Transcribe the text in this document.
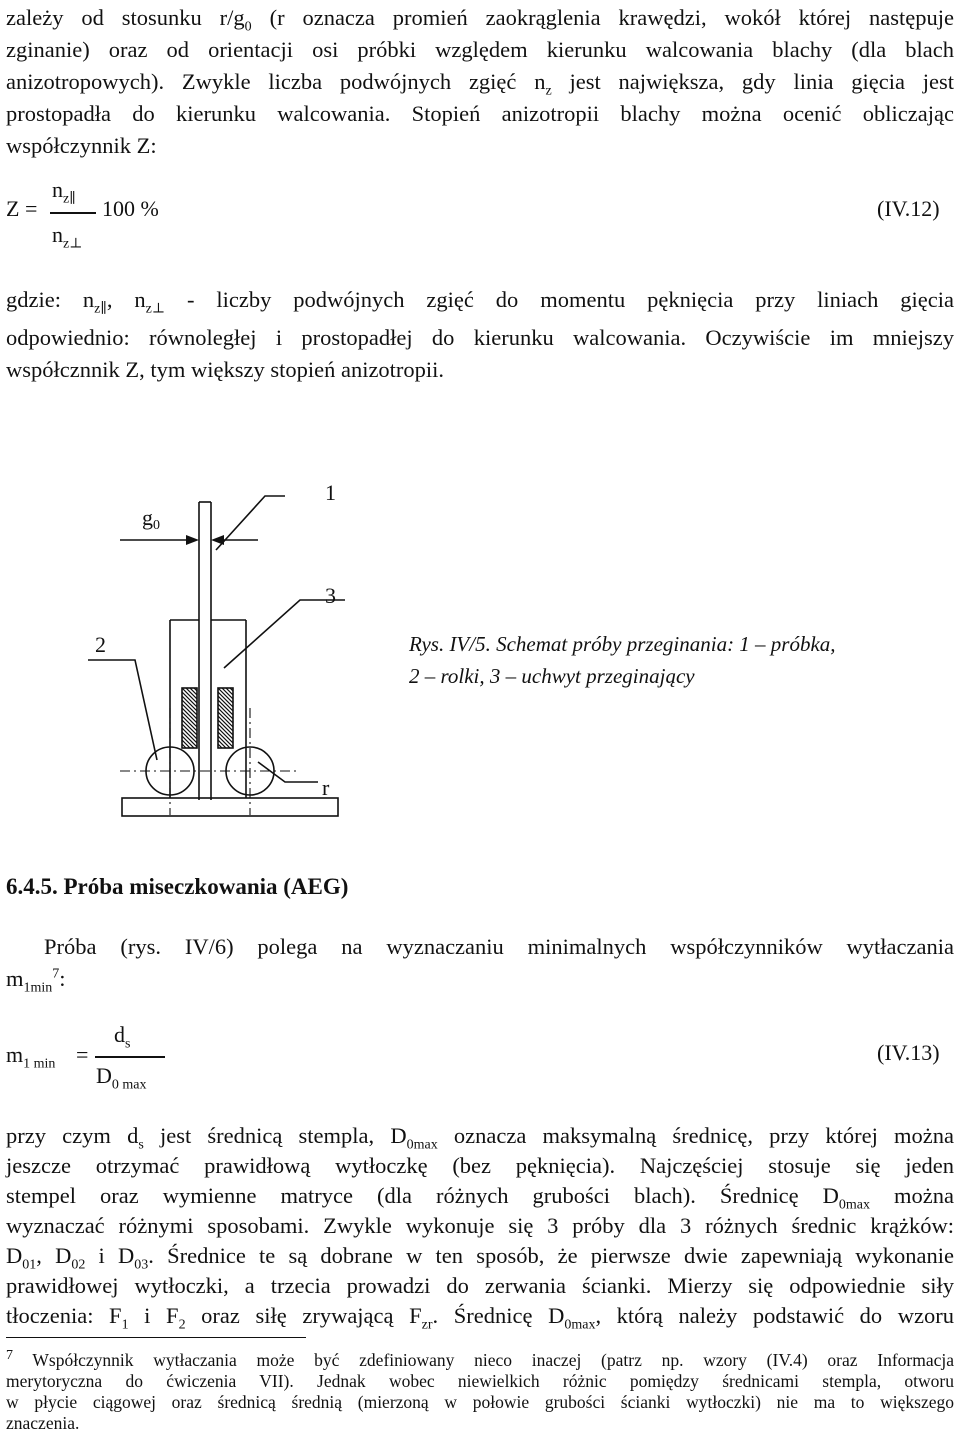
zależy od stosunku $r/g_0$ (r oznacza promień zaokrąglenia krawędzi, wokół której następuje
zginanie) oraz od orientacji osi próbki względem kierunku walcowania blachy (dla blach
anizotropowych). Zwykle liczba podwójnych zgięć $n_z$ jest największa, gdy linia gięcia jest
prostopadła do kierunku walcowania. Stopień anizotropii blachy można ocenić obliczając
współczynnik Z:
Z =
$n_{z\parallel}$
$n_{z\perp}$
100 %	(IV.12)
gdzie: $n_{z\parallel}$, $n_{z\perp}$ - liczby podwójnych zgięć do momentu pęknięcia przy liniach gięcia
odpowiednio: równoległej i prostopadłej do kierunku walcowania. Oczywiście im mniejszy
współcznnik Z, tym większy stopień anizotropii.
g0
1
3
2
r
Rys. IV/5. Schemat próby przeginania: 1 – próbka,
2 – rolki, 3 – uchwyt przeginający
6.4.5. Próba miseczkowania (AEG)
Próba (rys. IV/6) polega na wyznaczaniu minimalnych współczynników wytłaczania
$m_{1min}^7$:
$m_{1 min}$ =
$d_s$
$D_{0 max}$
(IV.13)
przy czym $d_s$ jest średnicą stempla, $D_{0max}$ oznacza maksymalną średnicę, przy której można
jeszcze otrzymać prawidłową wytłoczkę (bez pęknięcia). Najczęściej stosuje się jeden
stempel oraz wymienne matryce (dla różnych grubości blach). Średnicę $D_{0max}$ można
wyznaczać różnymi sposobami. Zwykle wykonuje się 3 próby dla 3 różnych średnic krążków:
$D_{01}$, $D_{02}$ i $D_{03}$. Średnice te są dobrane w ten sposób, że pierwsze dwie zapewniają wykonanie
prawidłowej wytłoczki, a trzecia prowadzi do zerwania ścianki. Mierzy się odpowiednie siły
tłoczenia: $F_1$ i $F_2$ oraz siłę zrywającą $F_{zr}$. Średnicę $D_{0max}$, którą należy podstawić do wzoru
$^7$ Współczynnik wytłaczania może być zdefiniowany nieco inaczej (patrz np. wzory (IV.4) oraz Informacja
merytoryczna do ćwiczenia VII). Jednak wobec niewielkich różnic pomiędzy średnicami stempla, otworu
w płycie ciągowej oraz średnicą średnią (mierzoną w połowie grubości ścianki wytłoczki) nie ma to większego
znaczenia.
